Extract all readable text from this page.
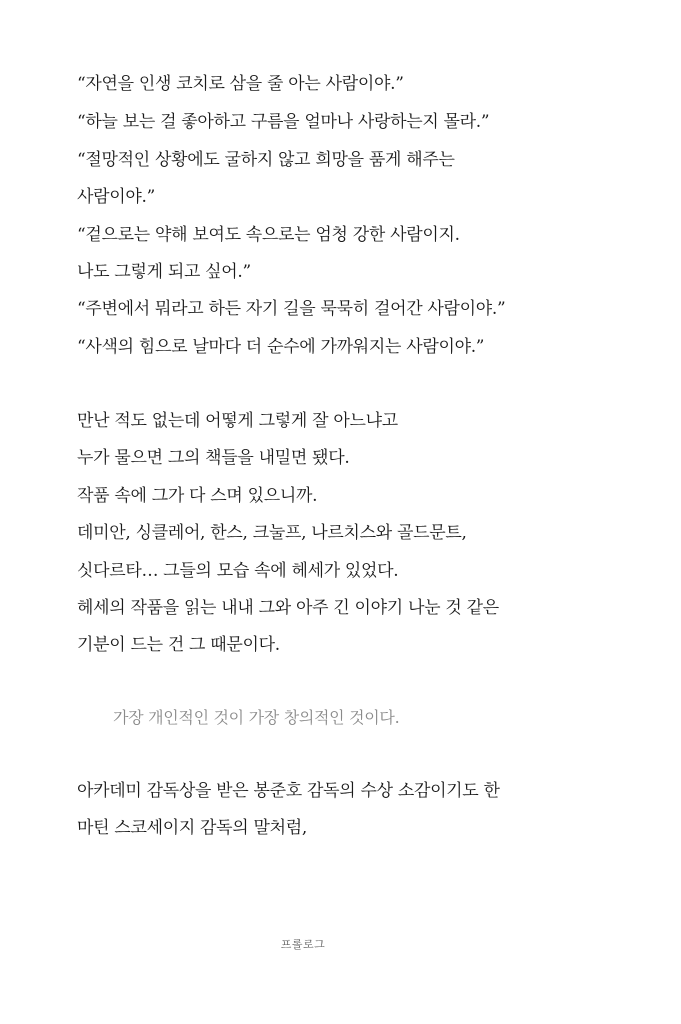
“자연을 인생 코치로 삼을 줄 아는 사람이야.”
“하늘 보는 걸 좋아하고 구름을 얼마나 사랑하는지 몰라.”
“절망적인 상황에도 굴하지 않고 희망을 품게 해주는
사람이야.”
“겉으로는 약해 보여도 속으로는 엄청 강한 사람이지.
나도 그렇게 되고 싶어.”
“주변에서 뭐라고 하든 자기 길을 묵묵히 걸어간 사람이야.”
“사색의 힘으로 날마다 더 순수에 가까워지는 사람이야.”
만난 적도 없는데 어떻게 그렇게 잘 아느냐고
누가 물으면 그의 책들을 내밀면 됐다.
작품 속에 그가 다 스며 있으니까.
데미안, 싱클레어, 한스, 크눌프, 나르치스와 골드문트,
싯다르타… 그들의 모습 속에 헤세가 있었다.
헤세의 작품을 읽는 내내 그와 아주 긴 이야기 나눈 것 같은
기분이 드는 건 그 때문이다.
가장 개인적인 것이 가장 창의적인 것이다.
아카데미 감독상을 받은 봉준호 감독의 수상 소감이기도 한
마틴 스코세이지 감독의 말처럼,
프롤로그
